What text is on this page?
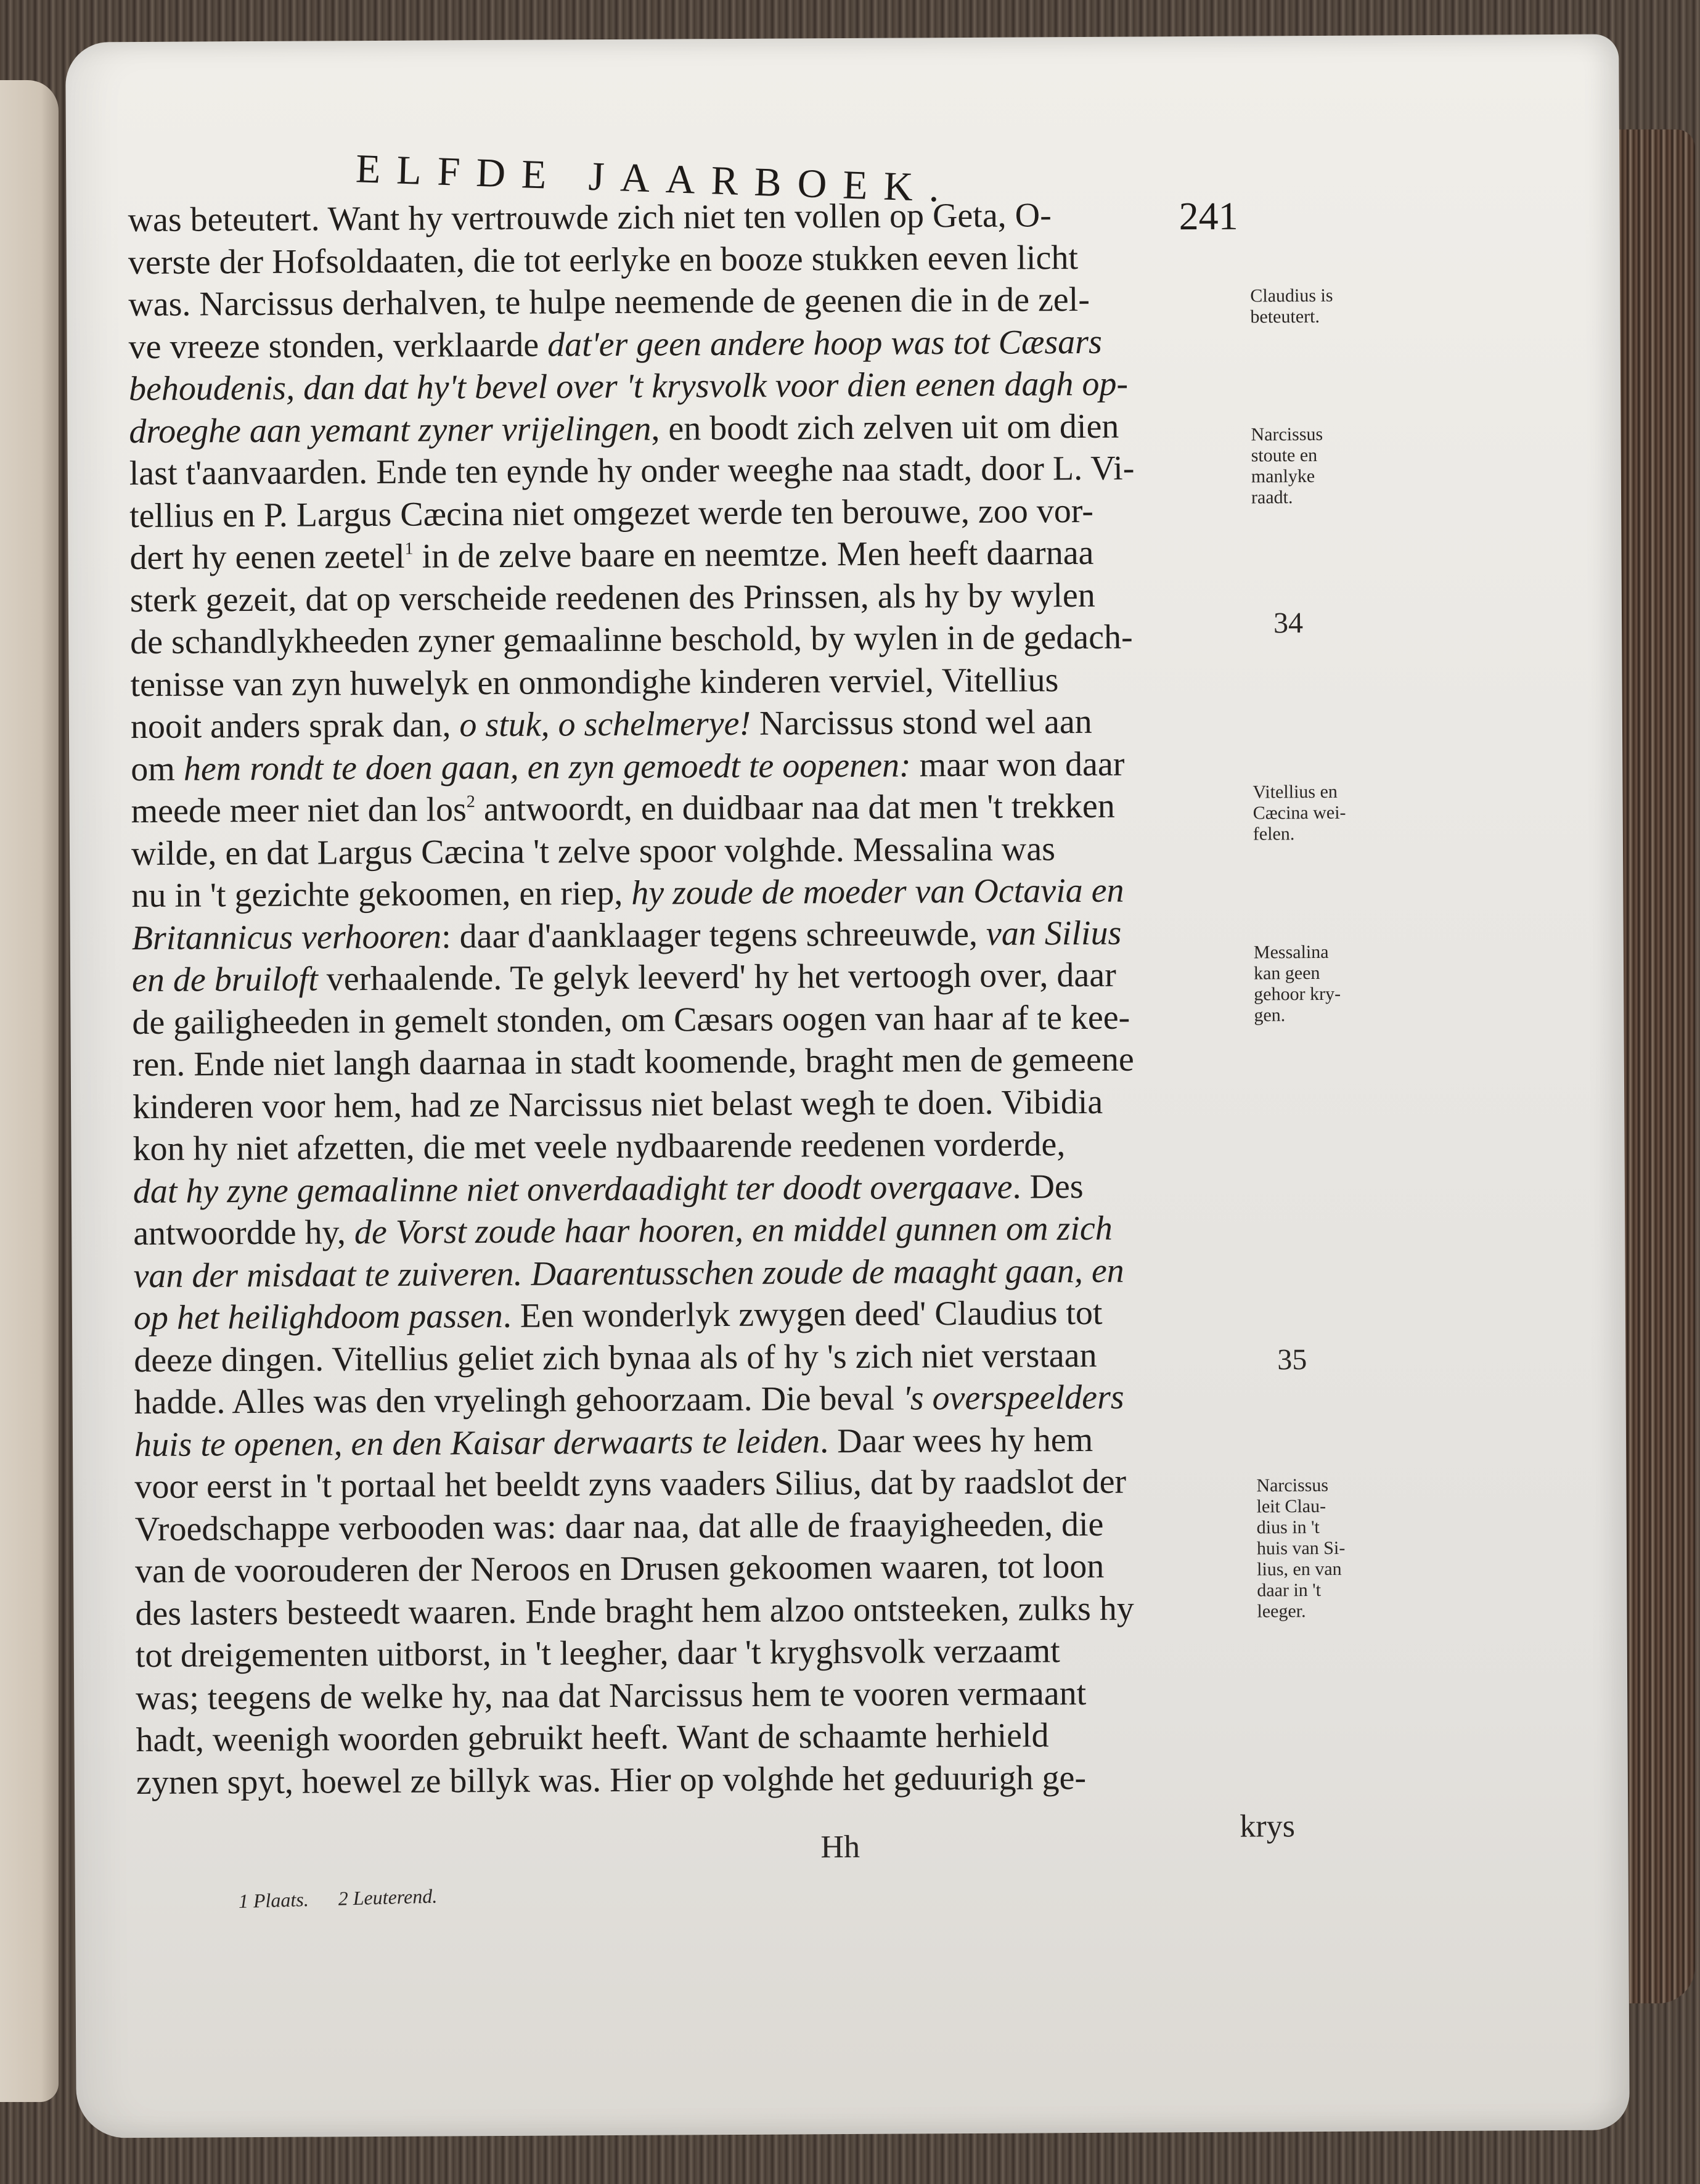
ELFDE JAARBOEK.
241
was beteutert. Want hy vertrouwde zich niet ten vollen op Geta, O-
verste der Hofsoldaaten, die tot eerlyke en booze stukken eeven licht
was. Narcissus derhalven, te hulpe neemende de geenen die in de zel-
ve vreeze stonden, verklaarde dat'er geen andere hoop was tot Cæsars
behoudenis, dan dat hy't bevel over 't krysvolk voor dien eenen dagh op-
droeghe aan yemant zyner vrijelingen, en boodt zich zelven uit om dien
last t'aanvaarden. Ende ten eynde hy onder weeghe naa stadt, door L. Vi-
tellius en P. Largus Cæcina niet omgezet werde ten berouwe, zoo vor-
dert hy eenen zeetel$^1$ in de zelve baare en neemtze. Men heeft daarnaa
sterk gezeit, dat op verscheide reedenen des Prinssen, als hy by wylen
de schandlykheeden zyner gemaalinne beschold, by wylen in de gedach-
tenisse van zyn huwelyk en onmondighe kinderen verviel, Vitellius
nooit anders sprak dan, o stuk, o schelmerye! Narcissus stond wel aan
om hem rondt te doen gaan, en zyn gemoedt te oopenen: maar won daar
meede meer niet dan los$^2$ antwoordt, en duidbaar naa dat men 't trekken
wilde, en dat Largus Cæcina 't zelve spoor volghde. Messalina was
nu in 't gezichte gekoomen, en riep, hy zoude de moeder van Octavia en
Britannicus verhooren: daar d'aanklaager tegens schreeuwde, van Silius
en de bruiloft verhaalende. Te gelyk leeverd' hy het vertoogh over, daar
de gailigheeden in gemelt stonden, om Cæsars oogen van haar af te kee-
ren. Ende niet langh daarnaa in stadt koomende, braght men de gemeene
kinderen voor hem, had ze Narcissus niet belast wegh te doen. Vibidia
kon hy niet afzetten, die met veele nydbaarende reedenen vorderde,
dat hy zyne gemaalinne niet onverdaadight ter doodt overgaave. Des
antwoordde hy, de Vorst zoude haar hooren, en middel gunnen om zich
van der misdaat te zuiveren. Daarentusschen zoude de maaght gaan, en
op het heilighdoom passen. Een wonderlyk zwygen deed' Claudius tot
deeze dingen. Vitellius geliet zich bynaa als of hy 's zich niet verstaan
hadde. Alles was den vryelingh gehoorzaam. Die beval 's overspeelders
huis te openen, en den Kaisar derwaarts te leiden. Daar wees hy hem
voor eerst in 't portaal het beeldt zyns vaaders Silius, dat by raadslot der
Vroedschappe verbooden was: daar naa, dat alle de fraayigheeden, die
van de voorouderen der Neroos en Drusen gekoomen waaren, tot loon
des lasters besteedt waaren. Ende braght hem alzoo ontsteeken, zulks hy
tot dreigementen uitborst, in 't leegher, daar 't kryghsvolk verzaamt
was; teegens de welke hy, naa dat Narcissus hem te vooren vermaant
hadt, weenigh woorden gebruikt heeft. Want de schaamte herhield
zynen spyt, hoewel ze billyk was. Hier op volghde het geduurigh ge-
Claudius is
beteutert.
Narcissus
stoute en
manlyke
raadt.
Vitellius en
Cæcina wei-
felen.
Messalina
kan geen
gehoor kry-
gen.
Narcissus
leit Clau-
dius in 't
huis van Si-
lius, en van
daar in 't
leeger.
34
35
Hh
krys
1 Plaats. 2 Leuterend.
